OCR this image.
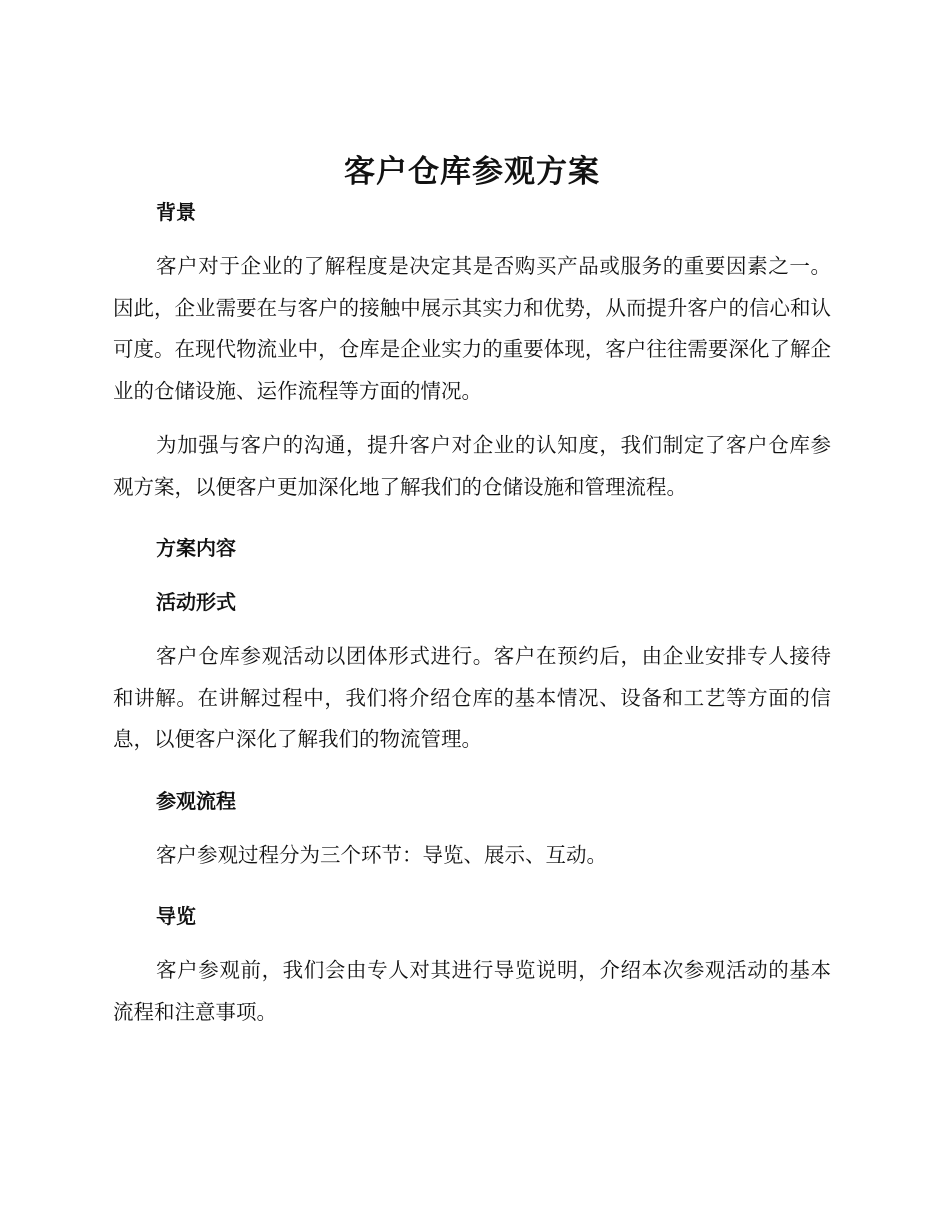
客户仓库参观方案
背景

客户对于企业的了解程度是决定其是否购买产品或服务的重要因素之一。因此，企业需要在与客户的接触中展示其实力和优势，从而提升客户的信心和认可度。在现代物流业中，仓库是企业实力的重要体现，客户往往需要深化了解企业的仓储设施、运作流程等方面的情况。

为加强与客户的沟通，提升客户对企业的认知度，我们制定了客户仓库参观方案，以便客户更加深化地了解我们的仓储设施和管理流程。

方案内容
活动形式

客户仓库参观活动以团体形式进行。客户在预约后，由企业安排专人接待和讲解。在讲解过程中，我们将介绍仓库的基本情况、设备和工艺等方面的信息，以便客户深化了解我们的物流管理。

参观流程

客户参观过程分为三个环节：导览、展示、互动。

导览

客户参观前，我们会由专人对其进行导览说明，介绍本次参观活动的基本流程和注意事项。
